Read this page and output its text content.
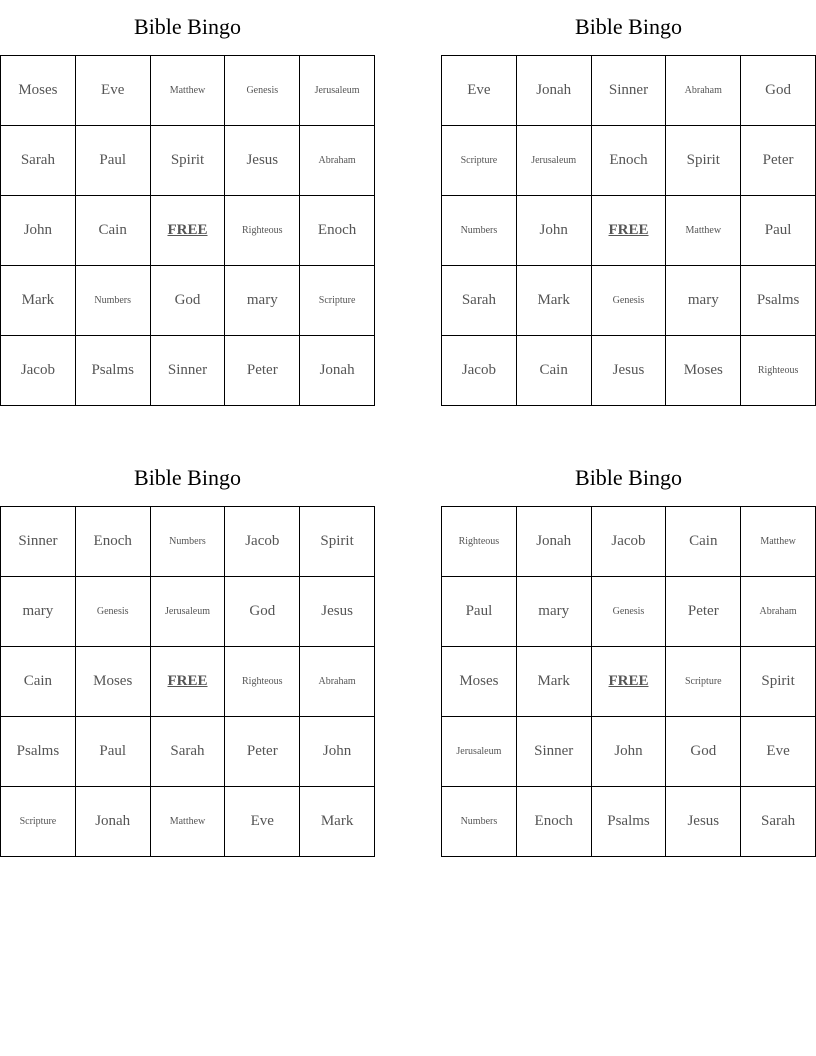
Bible Bingo
Moses	Eve	Matthew	Genesis	Jerusaleum
Sarah	Paul	Spirit	Jesus	Abraham
John	Cain	FREE	Righteous	Enoch
Mark	Numbers	God	mary	Scripture
Jacob	Psalms	Sinner	Peter	Jonah
Bible Bingo
Eve	Jonah	Sinner	Abraham	God
Scripture	Jerusaleum	Enoch	Spirit	Peter
Numbers	John	FREE	Matthew	Paul
Sarah	Mark	Genesis	mary	Psalms
Jacob	Cain	Jesus	Moses	Righteous
Bible Bingo
Sinner	Enoch	Numbers	Jacob	Spirit
mary	Genesis	Jerusaleum	God	Jesus
Cain	Moses	FREE	Righteous	Abraham
Psalms	Paul	Sarah	Peter	John
Scripture	Jonah	Matthew	Eve	Mark
Bible Bingo
Righteous	Jonah	Jacob	Cain	Matthew
Paul	mary	Genesis	Peter	Abraham
Moses	Mark	FREE	Scripture	Spirit
Jerusaleum	Sinner	John	God	Eve
Numbers	Enoch	Psalms	Jesus	Sarah
